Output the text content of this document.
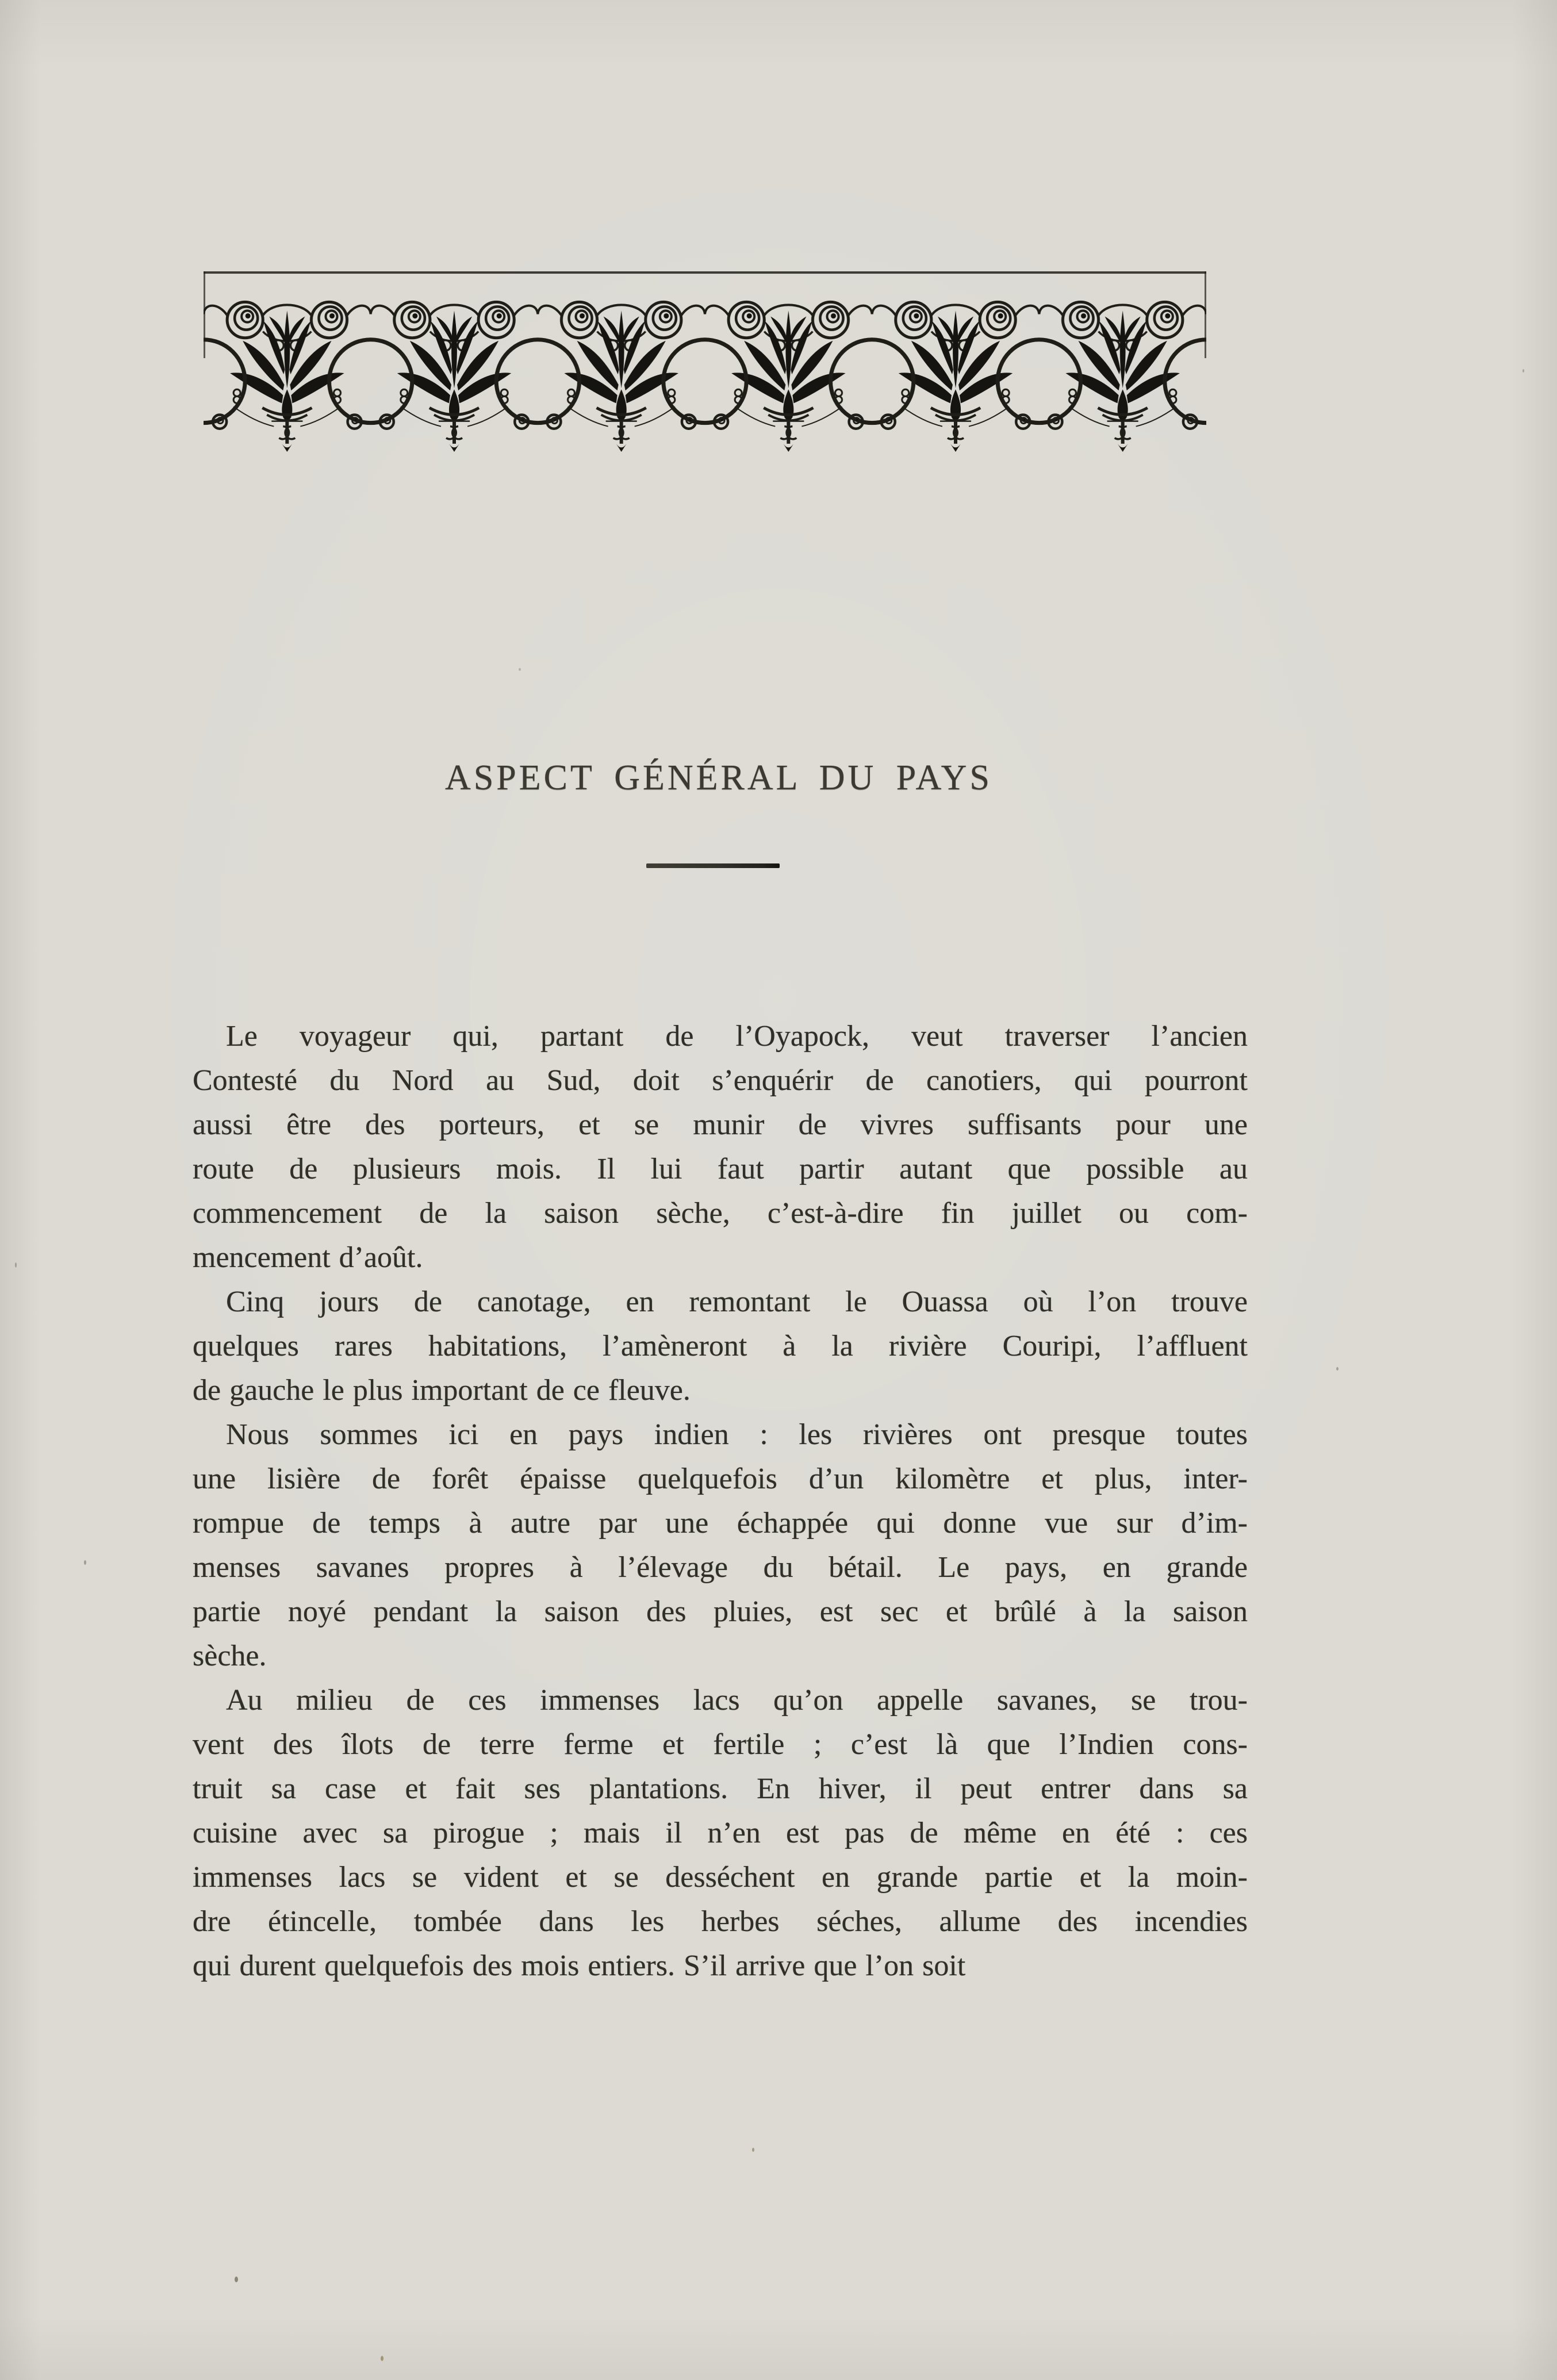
ASPECT GÉNÉRAL DU PAYS
Le voyageur qui, partant de l’Oyapock, veut traverser l’ancien
Contesté du Nord au Sud, doit s’enquérir de canotiers, qui pourront
aussi être des porteurs, et se munir de vivres suffisants pour une
route de plusieurs mois. Il lui faut partir autant que possible au
commencement de la saison sèche, c’est-à-dire fin juillet ou com-
mencement d’août.
Cinq jours de canotage, en remontant le Ouassa où l’on trouve
quelques rares habitations, l’amèneront à la rivière Couripi, l’affluent
de gauche le plus important de ce fleuve.
Nous sommes ici en pays indien : les rivières ont presque toutes
une lisière de forêt épaisse quelquefois d’un kilomètre et plus, inter-
rompue de temps à autre par une échappée qui donne vue sur d’im-
menses savanes propres à l’élevage du bétail. Le pays, en grande
partie noyé pendant la saison des pluies, est sec et brûlé à la saison
sèche.
Au milieu de ces immenses lacs qu’on appelle savanes, se trou-
vent des îlots de terre ferme et fertile ; c’est là que l’Indien cons-
truit sa case et fait ses plantations. En hiver, il peut entrer dans sa
cuisine avec sa pirogue ; mais il n’en est pas de même en été : ces
immenses lacs se vident et se desséchent en grande partie et la moin-
dre étincelle, tombée dans les herbes séches, allume des incendies
qui durent quelquefois des mois entiers. S’il arrive que l’on soit
